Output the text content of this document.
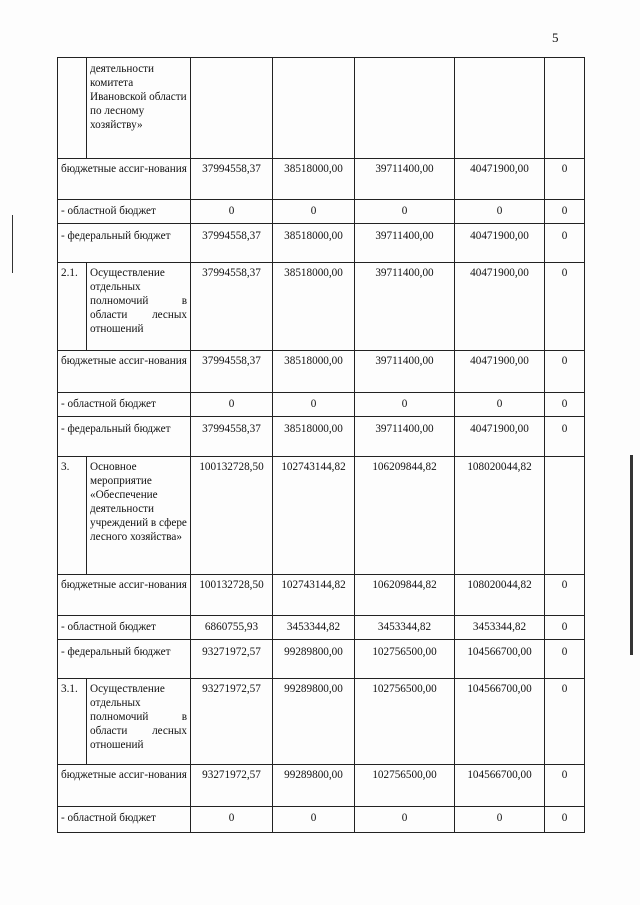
5
	деятельности комитета Ивановской области по лесному хозяйству»					
бюджетные ассиг-нования		37994558,37	38518000,00	39711400,00	40471900,00	0
- областной бюджет		0	0	0	0	0
- федеральный бюджет		37994558,37	38518000,00	39711400,00	40471900,00	0
2.1.	Осуществление отдельных полномочий в области лесных отношений	37994558,37	38518000,00	39711400,00	40471900,00	0
бюджетные ассиг-нования		37994558,37	38518000,00	39711400,00	40471900,00	0
- областной бюджет		0	0	0	0	0
- федеральный бюджет		37994558,37	38518000,00	39711400,00	40471900,00	0
3.	Основное мероприятие «Обеспечение деятельности учреждений в сфере лесного хозяйства»	100132728,50	102743144,82	106209844,82	108020044,82	
бюджетные ассиг-нования		100132728,50	102743144,82	106209844,82	108020044,82	0
- областной бюджет		6860755,93	3453344,82	3453344,82	3453344,82	0
- федеральный бюджет		93271972,57	99289800,00	102756500,00	104566700,00	0
3.1.	Осуществление отдельных полномочий в области лесных отношений	93271972,57	99289800,00	102756500,00	104566700,00	0
бюджетные ассиг-нования		93271972,57	99289800,00	102756500,00	104566700,00	0
- областной бюджет		0	0	0	0	0
